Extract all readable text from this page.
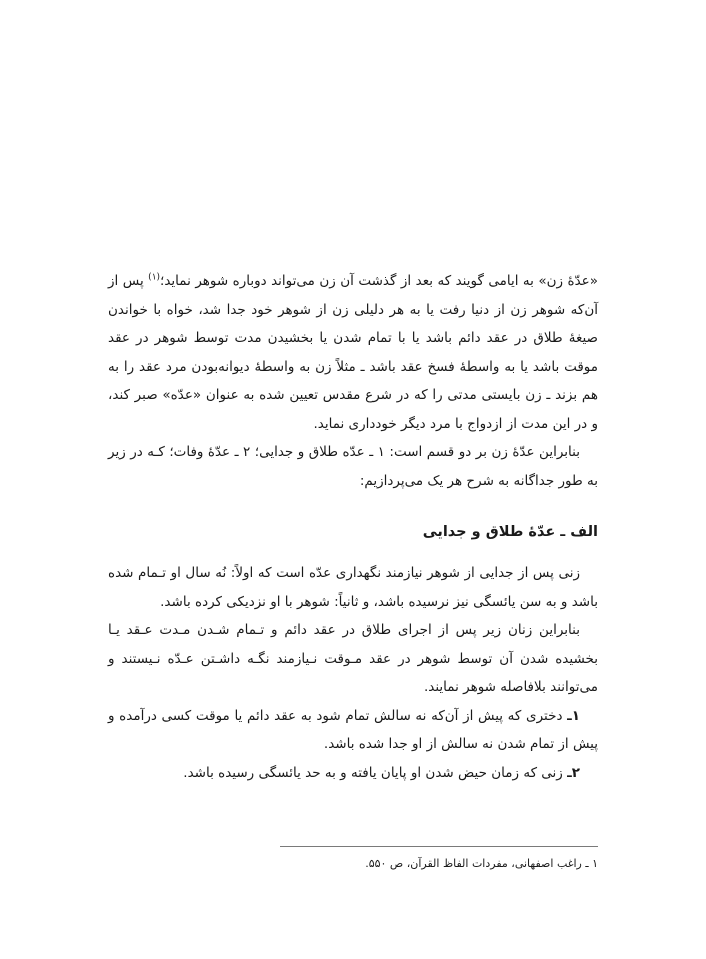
«عدّهٔ زن» به ایامی گویند که بعد از گذشت آن زن می‌تواند دوباره شوهر نماید؛$^{(۱)}$ پس از آن‌که شوهر زن از دنیا رفت یا به هر دلیلی زن از شوهر خود جدا شد، خواه با خواندن صیغهٔ طلاق در عقد دائم باشد یا با تمام شدن یا بخشیدن مدت توسط شوهر در عقد موقت باشد یا به واسطهٔ فسخ عقد باشد ـ مثلاً زن به واسطهٔ دیوانه‌بودن مرد عقد را به هم بزند ـ زن بایستی مدتی را که در شرع مقدس تعیین شده به عنوان «عدّه» صبر کند، و در این مدت از ازدواج با مرد دیگر خودداری نماید.

بنابراین عدّهٔ زن بر دو قسم است: ۱ ـ عدّه طلاق و جدایی؛ ۲ ـ عدّهٔ وفات؛ کـه در زیر به طور جداگانه به شرح هر یک می‌پردازیم:

الف ـ عدّهٔ طلاق و جدایی

زنی پس از جدایی از شوهر نیازمند نگهداری عدّه است که اولاً: نُه سال او تـمام شده باشد و به سن یائسگی نیز نرسیده باشد، و ثانیاً: شوهر با او نزدیکی کرده باشد.

بنابراین زنان زیر پس از اجرای طلاق در عقد دائم و تـمام شـدن مـدت عـقد یـا بخشیده شدن آن توسط شوهر در عقد مـوقت نـیازمند نگـه داشـتن عـدّه نـیستند و می‌توانند بلافاصله شوهر نمایند.

۱ـ دختری که پیش از آن‌که نه سالش تمام شود به عقد دائم یا موقت کسی درآمده و پیش از تمام شدن نه سالش از او جدا شده باشد.

۲ـ زنی که زمان حیض شدن او پایان یافته و به حد یائسگی رسیده باشد.

۱ ـ راغب اصفهانی، مفردات الفاظ القرآن، ص ۵۵۰.
